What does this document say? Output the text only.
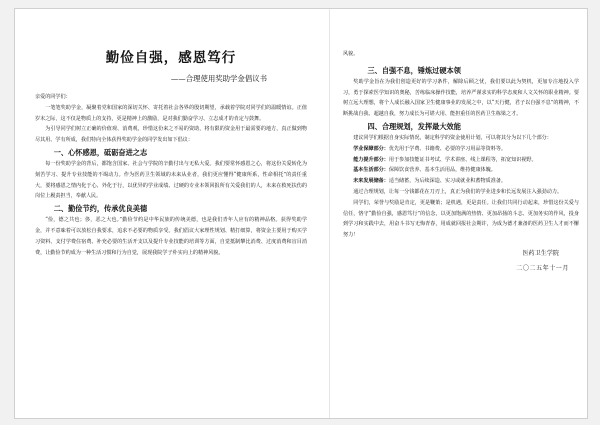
勤俭自强，感恩笃行
——合理使用奖助学金倡议书

亲爱的同学们：

一笔笔奖助学金，凝聚着党和国家的深切关怀、寄托着社会各界的殷切期望，承载着学院对同学们的温暖情谊。正值岁末之际，这不仅是物质上的支持，更是精神上的激励，是对我们勤奋学习、立志成才的肯定与鼓舞。

为引导同学们树立正确的价值观、消费观，珍惜这份来之不易的资助，将有限的资金用于最需要的地方，真正做到物尽其用、学有所成，我们特向全体获得奖助学金的同学发出如下倡议：

一、心怀感恩，砥砺奋进之志

每一份奖助学金的背后，都饱含国家、社会与学院的辛勤付出与无私大爱。我们要常怀感恩之心，将这份关爱转化为刻苦学习、提升专业技能的不竭动力。作为医药卫生领域的未来从业者，我们更应懂得“健康所系，性命相托”的责任重大，要将感恩之情内化于心、外化于行，以优异的学业成绩、过硬的专业本领回报所有关爱我们的人，未来在救死扶伤的岗位上履责担当，奉献人民。

二、勤俭节约，传承优良美德

“俭，德之共也；侈，恶之大也。”勤俭节约是中华民族的传统美德，也是我们青年人应有的精神品格。获得奖助学金，并不意味着可以放松自我要求，追求不必要的物质享受。我们倡议大家理性规划、精打细算，将资金主要用于购买学习资料、支付学费住宿费、补充必要的生活开支以及提升专业技能的培训等方面，自觉抵制攀比消费、过度消费和盲目消费，让勤俭节约成为一种生活习惯和行为自觉，展现我院学子朴实向上的精神风貌。

风貌。

三、自强不息，锤炼过硬本领

奖助学金旨在为我们创造更好的学习条件，解除后顾之忧，我们要以此为契机，更加专注地投入学习，勇于探索医学知识的奥秘，苦练临床操作技能，培养严谨求实的科学态度和人文关怀的职业精神。要树立远大理想，将个人成长融入国家卫生健康事业的发展之中，以“天行健，君子以自强不息”的精神，不断挑战自我、超越自我，努力成长为可堪大用、能担重任的医药卫生栋梁之才。

四、合理规划，发挥最大效能

建议同学们根据自身实际情况，制定科学的资金使用计划，可以将其分为以下几个部分：

学业保障部分：优先用于学费、书籍费、必要的学习用品等资料等。

能力提升部分：用于参加技能证书考试、学术讲座、线上课程等，拓宽知识视野。

基本生活部分：保障饮食营养、基本生活用品，维持健康体魄。

未来发展储备：适当储蓄，为后续深造、实习或就业积蓄物质准备。

通过合理规划，让每一分钱都花在刀刃上，真正为我们的学业进步和长远发展注入强劲动力。

同学们，荣誉与奖励是肯定，更是鞭策；是机遇，更是责任。让我们共同行动起来，珍惜这份关爱与信任，恪守“勤俭自强，感恩笃行”的信念，以更加饱满的热情、更加昂扬的斗志、更加务实的作风，投身到学习和实践中去，用奋斗书写无悔青春，用成就回报社会期许，为成为德才兼备的医药卫生人才而不懈努力！

医药卫生学院
二〇二五年十一月
